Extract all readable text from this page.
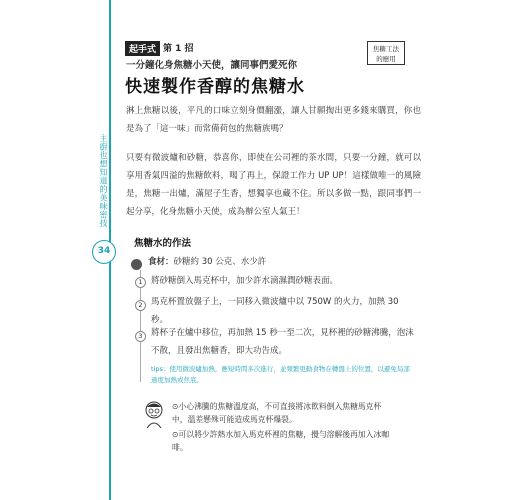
主廚也想知道的美味密技
34
起手式 第 1 招
一分鐘化身焦糖小天使，讓同事們愛死你
快速製作香醇的焦糖水
焦糖工法
的應用
淋上焦糖以後，平凡的口味立刻身價翻漲，讓人甘願掏出更多錢來購買，你也是為了「這一味」而常備荷包的焦糖族嗎？
只要有微波爐和砂糖，恭喜你，即使在公司裡的茶水間，只要一分鐘，就可以享用香氣四溢的焦糖飲料，喝了再上，保證工作力 UP UP！這樣做唯一的風險是，焦糖一出爐，滿屋子生香，想獨享也藏不住。所以多做一點，跟同事們一起分享，化身焦糖小天使，成為辦公室人氣王！
焦糖水的作法
食材：砂糖約 30 公克、水少許
1 將砂糖倒入馬克杯中，加少許水滴濕潤砂糖表面。
2 馬克杯置放盤子上，一同移入微波爐中以 750W 的火力，加熱 30 秒。
3 將杯子在爐中移位，再加熱 15 秒一至二次，見杯裡的砂糖沸騰，泡沫不散，且發出焦糖香，即大功告成。
tips：使用微波爐加熱，應短時間多次進行，並頻繁更動食物在轉盤上的位置，以避免局部過度加熱或焦底。
⊙小心沸騰的焦糖溫度高，不可直接將冰飲料倒入焦糖馬克杯中，溫差懸殊可能造成馬克杯爆裂。
⊙可以將少許熱水加入馬克杯裡的焦糖，攪勻溶解後再加入冰咖啡。
